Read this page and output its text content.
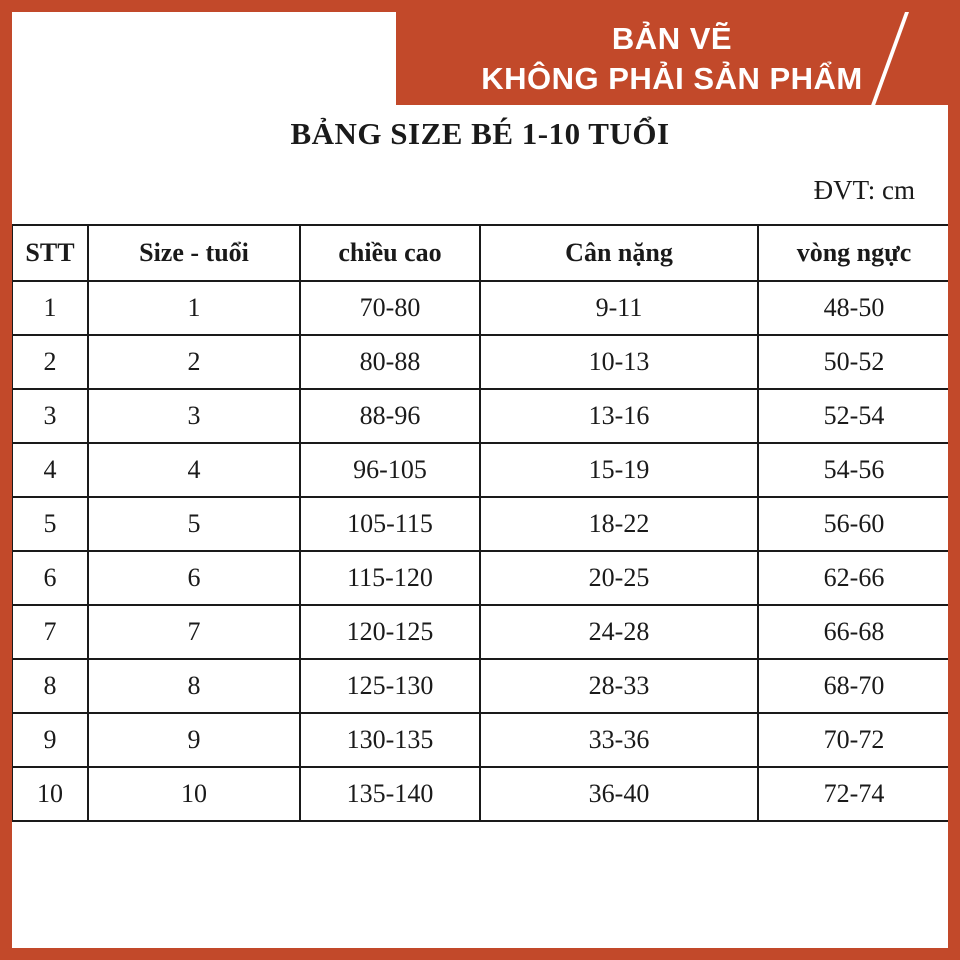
STT	Size - tuổi	chiều cao	Cân nặng	vòng ngực
1	1	70-80	9-11	48-50
2	2	80-88	10-13	50-52
3	3	88-96	13-16	52-54
4	4	96-105	15-19	54-56
5	5	105-115	18-22	56-60
6	6	115-120	20-25	62-66
7	7	120-125	24-28	66-68
8	8	125-130	28-33	68-70
9	9	130-135	33-36	70-72
10	10	135-140	36-40	72-74
BẢNG SIZE BÉ 1-10 TUỔI
ĐVT: cm
BẢN VẼ
KHÔNG PHẢI SẢN PHẨM
